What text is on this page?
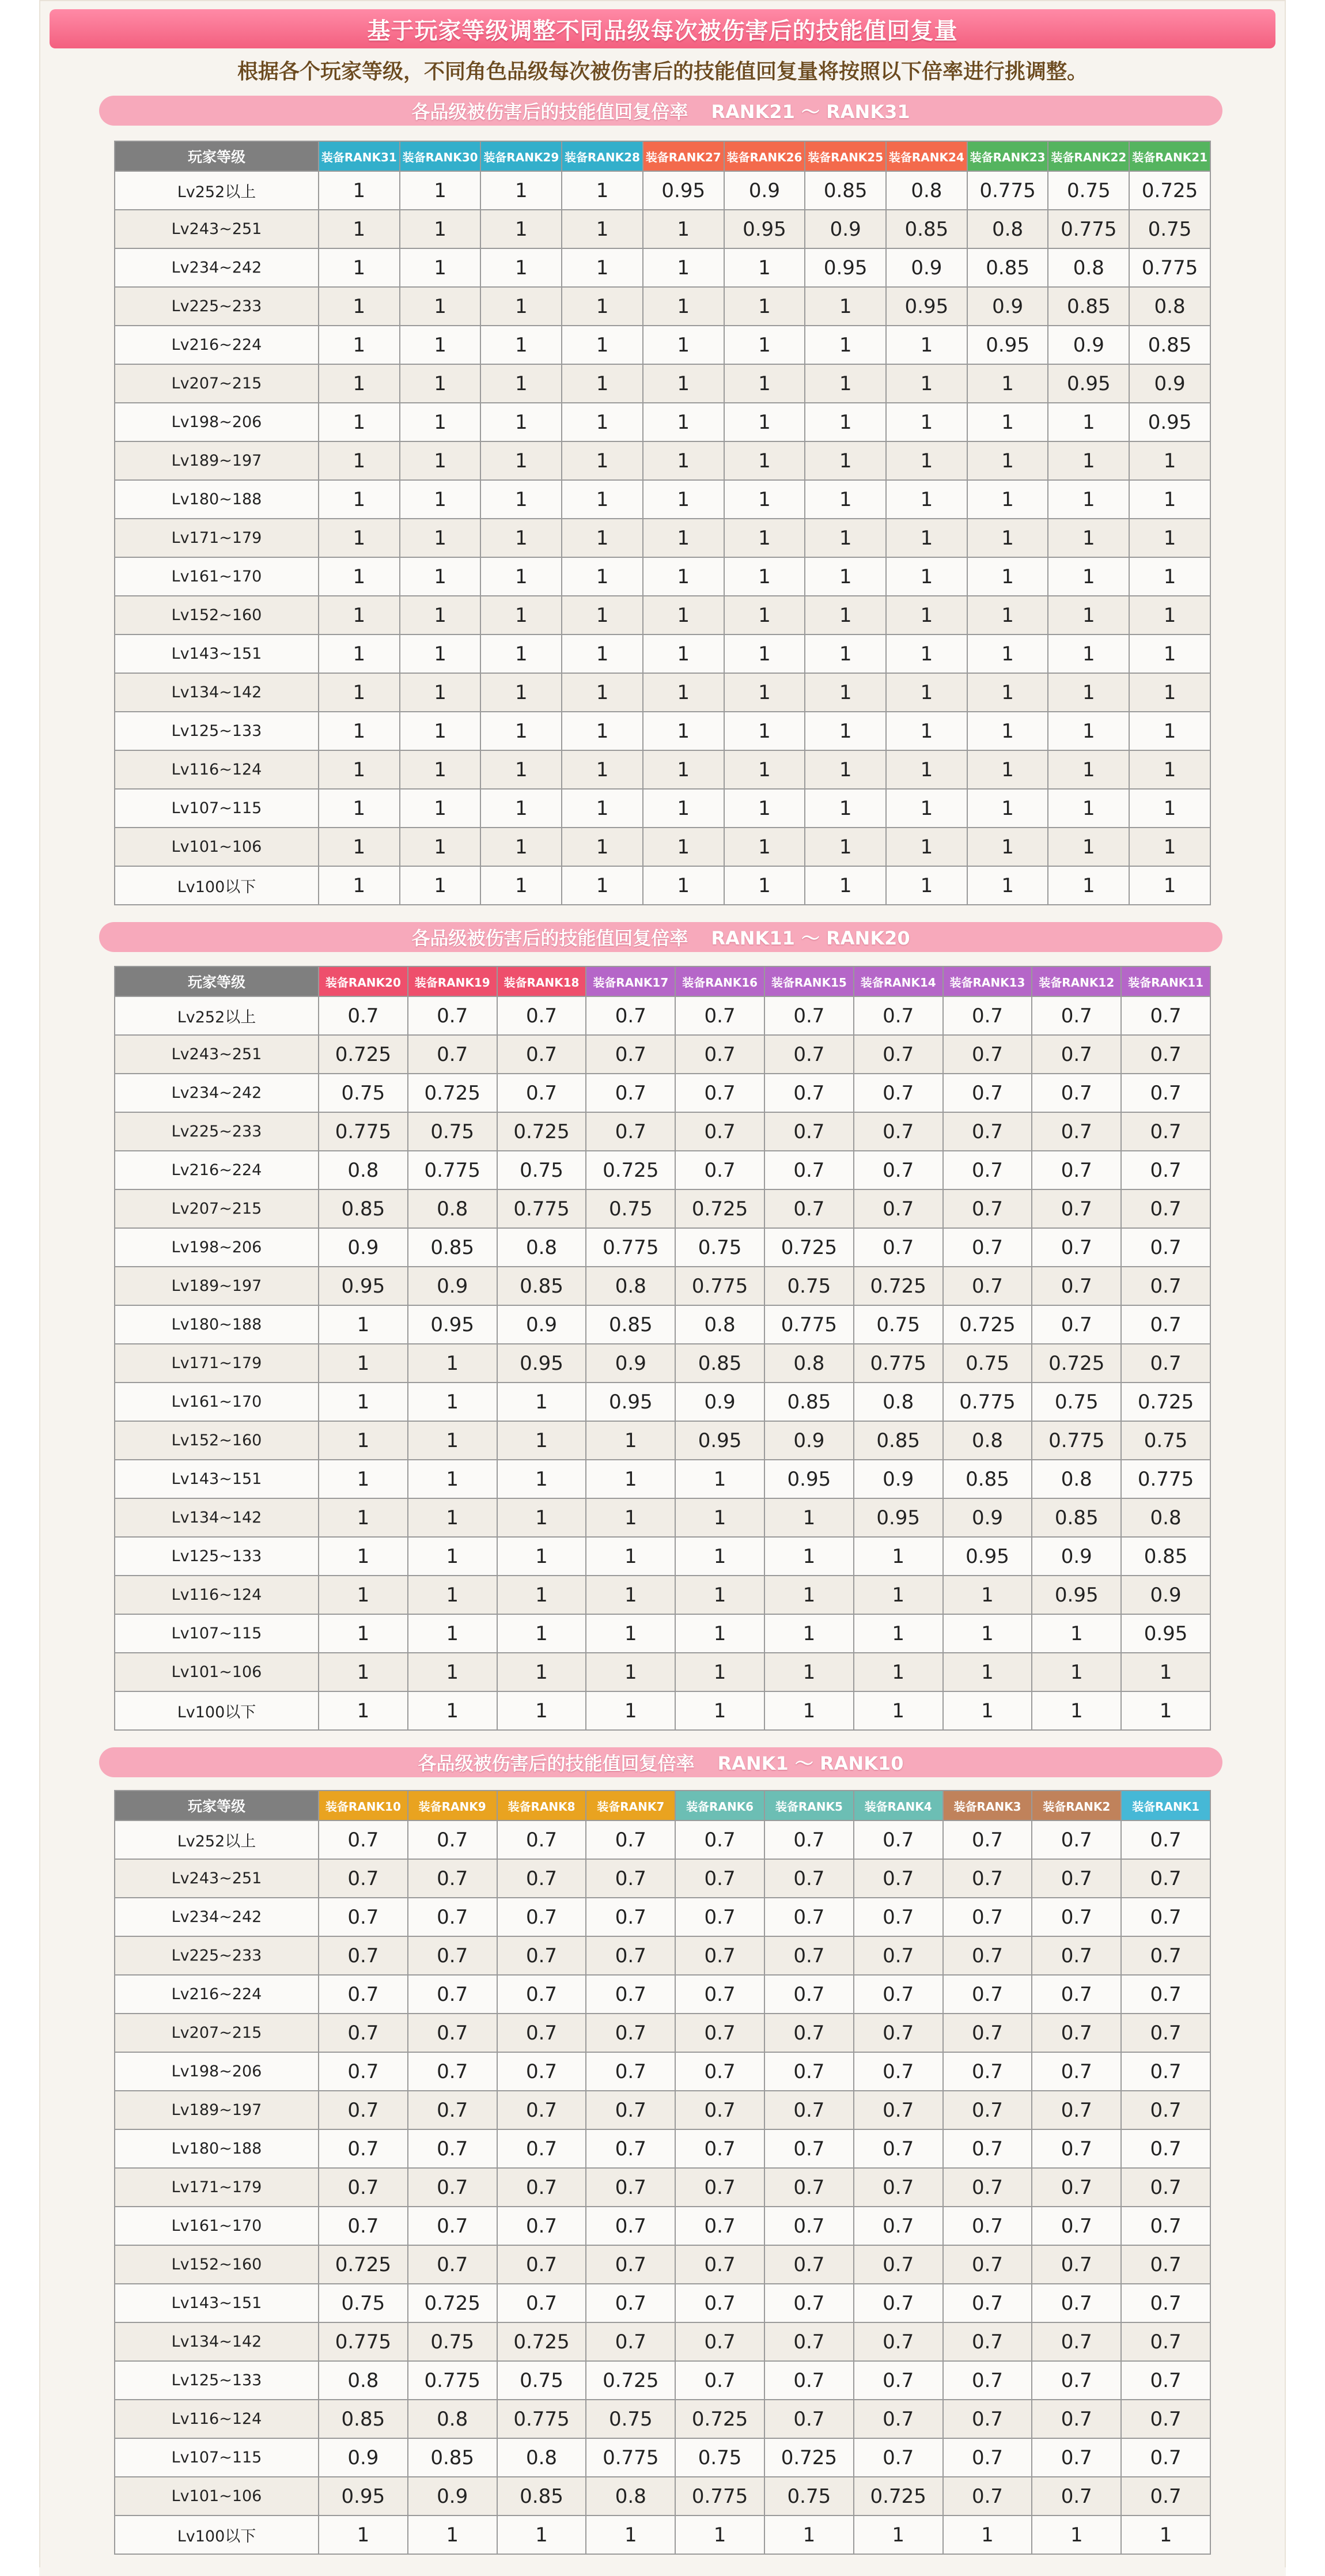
基于玩家等级调整不同品级每次被伤害后的技能值回复量
根据各个玩家等级，不同角色品级每次被伤害后的技能值回复量将按照以下倍率进行挑调整。
各品级被伤害后的技能值回复倍率 RANK21 ～ RANK31
玩家等级	装备RANK31	装备RANK30	装备RANK29	装备RANK28	装备RANK27	装备RANK26	装备RANK25	装备RANK24	装备RANK23	装备RANK22	装备RANK21
Lv252以上	1	1	1	1	0.95	0.9	0.85	0.8	0.775	0.75	0.725
Lv243~251	1	1	1	1	1	0.95	0.9	0.85	0.8	0.775	0.75
Lv234~242	1	1	1	1	1	1	0.95	0.9	0.85	0.8	0.775
Lv225~233	1	1	1	1	1	1	1	0.95	0.9	0.85	0.8
Lv216~224	1	1	1	1	1	1	1	1	0.95	0.9	0.85
Lv207~215	1	1	1	1	1	1	1	1	1	0.95	0.9
Lv198~206	1	1	1	1	1	1	1	1	1	1	0.95
Lv189~197	1	1	1	1	1	1	1	1	1	1	1
Lv180~188	1	1	1	1	1	1	1	1	1	1	1
Lv171~179	1	1	1	1	1	1	1	1	1	1	1
Lv161~170	1	1	1	1	1	1	1	1	1	1	1
Lv152~160	1	1	1	1	1	1	1	1	1	1	1
Lv143~151	1	1	1	1	1	1	1	1	1	1	1
Lv134~142	1	1	1	1	1	1	1	1	1	1	1
Lv125~133	1	1	1	1	1	1	1	1	1	1	1
Lv116~124	1	1	1	1	1	1	1	1	1	1	1
Lv107~115	1	1	1	1	1	1	1	1	1	1	1
Lv101~106	1	1	1	1	1	1	1	1	1	1	1
Lv100以下	1	1	1	1	1	1	1	1	1	1	1
各品级被伤害后的技能值回复倍率 RANK11 ～ RANK20
玩家等级	装备RANK20	装备RANK19	装备RANK18	装备RANK17	装备RANK16	装备RANK15	装备RANK14	装备RANK13	装备RANK12	装备RANK11
Lv252以上	0.7	0.7	0.7	0.7	0.7	0.7	0.7	0.7	0.7	0.7
Lv243~251	0.725	0.7	0.7	0.7	0.7	0.7	0.7	0.7	0.7	0.7
Lv234~242	0.75	0.725	0.7	0.7	0.7	0.7	0.7	0.7	0.7	0.7
Lv225~233	0.775	0.75	0.725	0.7	0.7	0.7	0.7	0.7	0.7	0.7
Lv216~224	0.8	0.775	0.75	0.725	0.7	0.7	0.7	0.7	0.7	0.7
Lv207~215	0.85	0.8	0.775	0.75	0.725	0.7	0.7	0.7	0.7	0.7
Lv198~206	0.9	0.85	0.8	0.775	0.75	0.725	0.7	0.7	0.7	0.7
Lv189~197	0.95	0.9	0.85	0.8	0.775	0.75	0.725	0.7	0.7	0.7
Lv180~188	1	0.95	0.9	0.85	0.8	0.775	0.75	0.725	0.7	0.7
Lv171~179	1	1	0.95	0.9	0.85	0.8	0.775	0.75	0.725	0.7
Lv161~170	1	1	1	0.95	0.9	0.85	0.8	0.775	0.75	0.725
Lv152~160	1	1	1	1	0.95	0.9	0.85	0.8	0.775	0.75
Lv143~151	1	1	1	1	1	0.95	0.9	0.85	0.8	0.775
Lv134~142	1	1	1	1	1	1	0.95	0.9	0.85	0.8
Lv125~133	1	1	1	1	1	1	1	0.95	0.9	0.85
Lv116~124	1	1	1	1	1	1	1	1	0.95	0.9
Lv107~115	1	1	1	1	1	1	1	1	1	0.95
Lv101~106	1	1	1	1	1	1	1	1	1	1
Lv100以下	1	1	1	1	1	1	1	1	1	1
各品级被伤害后的技能值回复倍率 RANK1 ～ RANK10
玩家等级	装备RANK10	装备RANK9	装备RANK8	装备RANK7	装备RANK6	装备RANK5	装备RANK4	装备RANK3	装备RANK2	装备RANK1
Lv252以上	0.7	0.7	0.7	0.7	0.7	0.7	0.7	0.7	0.7	0.7
Lv243~251	0.7	0.7	0.7	0.7	0.7	0.7	0.7	0.7	0.7	0.7
Lv234~242	0.7	0.7	0.7	0.7	0.7	0.7	0.7	0.7	0.7	0.7
Lv225~233	0.7	0.7	0.7	0.7	0.7	0.7	0.7	0.7	0.7	0.7
Lv216~224	0.7	0.7	0.7	0.7	0.7	0.7	0.7	0.7	0.7	0.7
Lv207~215	0.7	0.7	0.7	0.7	0.7	0.7	0.7	0.7	0.7	0.7
Lv198~206	0.7	0.7	0.7	0.7	0.7	0.7	0.7	0.7	0.7	0.7
Lv189~197	0.7	0.7	0.7	0.7	0.7	0.7	0.7	0.7	0.7	0.7
Lv180~188	0.7	0.7	0.7	0.7	0.7	0.7	0.7	0.7	0.7	0.7
Lv171~179	0.7	0.7	0.7	0.7	0.7	0.7	0.7	0.7	0.7	0.7
Lv161~170	0.7	0.7	0.7	0.7	0.7	0.7	0.7	0.7	0.7	0.7
Lv152~160	0.725	0.7	0.7	0.7	0.7	0.7	0.7	0.7	0.7	0.7
Lv143~151	0.75	0.725	0.7	0.7	0.7	0.7	0.7	0.7	0.7	0.7
Lv134~142	0.775	0.75	0.725	0.7	0.7	0.7	0.7	0.7	0.7	0.7
Lv125~133	0.8	0.775	0.75	0.725	0.7	0.7	0.7	0.7	0.7	0.7
Lv116~124	0.85	0.8	0.775	0.75	0.725	0.7	0.7	0.7	0.7	0.7
Lv107~115	0.9	0.85	0.8	0.775	0.75	0.725	0.7	0.7	0.7	0.7
Lv101~106	0.95	0.9	0.85	0.8	0.775	0.75	0.725	0.7	0.7	0.7
Lv100以下	1	1	1	1	1	1	1	1	1	1
